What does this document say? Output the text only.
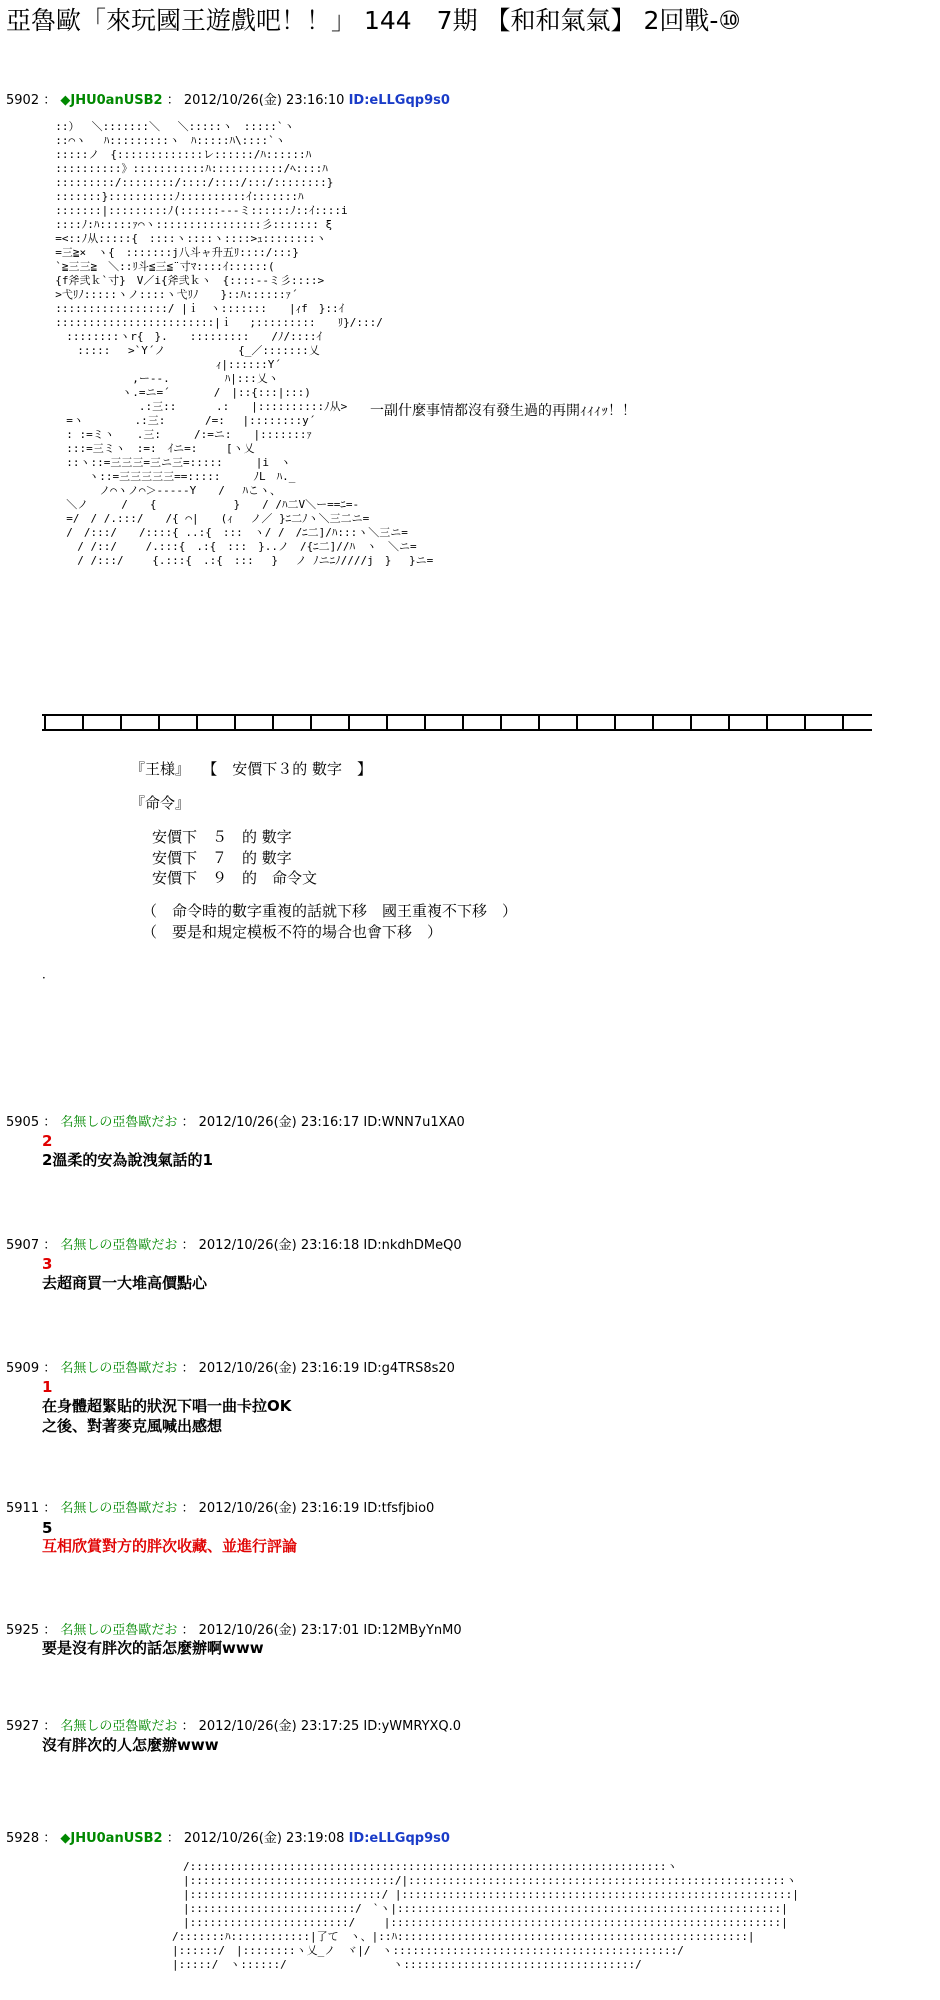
亞魯歐「來玩國王遊戲吧！！」 144　7期 【和和氣氣】 2回戰-⑩
5902 ： ◆JHU0anUSB2 ： 2012/10/26(金) 23:16:10 ID:eLLGqp9s0
::）　 ＼:::::::＼　 ＼:::::ヽ　:::::`ヽ
::⌒ヽ　 ﾊ:::::::::ヽ　ﾊ:::::ﾊ\::::`ヽ
:::::ノ　{:::::::::::::レ::::::/ﾊ::::::ﾊ
::::::::::》:::::::::::ﾊ:::::::::::/ﾍ::::ﾊ
:::::::::/::::::::/::::/::::/:::/::::::::}
:::::::}::::::::::ﾉ::::::::::ｲ:::::::ﾊ
:::::::|:::::::::ﾉ(::::::---ミ::::::ﾉ::ｲ::::i
::::ﾉ:ﾊ:::::ｧ⌒ヽ::::::::::::::::彡::::::: ξ
=<::ﾉ从:::::{　::::ヽ::::ヽ::::>ｭ::::::::ヽ
=三≧×　ヽ{　:::::::j八斗ャ升五ﾘ::::/:::}
`≧三三≧　＼::ﾘ斗≦三≦¨寸ﾏ::::ｲ::::::(
{f斧弐ｋ`寸}　V／i{斧弐ｋヽ　{::::--ミ彡::::>
>弋ﾘﾉ:::::ヽノ::::ヽ弋ﾘﾉ　　}::ﾊ::::::ｧ´
:::::::::::::::::/ |ｉ　ヽ:::::::　　|ｨf　}::ｲ
::::::::::::::::::::::::|ｉ　 ;:::::::::　　ﾘ}/:::/
　::::::::ヽr{　}.　　:::::::::　　/ﾉ/::::ｲ
　　:::::　 >`Y´ノ　　　　　　 {_／:::::::乂
　　　　　　　　　　　　　　 ｨ|::::::Y´
　　　　　　　,ー‐‐.　　　　　ﾊ|:::乂ヽ
　　　　　　ヽ.=ニ=´　　　　/　|::{:::|:::)
　　　　　　　 .:三::　　　 .:　　|::::::::::ﾉ从>
　=ヽ　　　　 .:三:　　　 /=:　 |::::::::y´
　: :=ミヽ　　.三:　　　/:=ニ:　　|:::::::ｧ
　:::=三ミヽ　:=:　ｲニ=:　　 [ヽ乂
　::ヽ::=三三三=三ニ三=:::::　　　|i　ヽ
　　　ヽ::=三三三三三==:::::　　　ﾉL　ﾊ._
　　　　ノ⌒ヽノ⌒＞‐‐‐‐‐Y　　/　 ﾊこヽ、
　＼ノ　　　/　　{　　　　　　　}　　/ /ﾊ二V＼ー==ﾆ=-
　=/　/ /.:::/　　/{ ⌒|　　(ｨ　 ノ／ }ﾆ二ﾉヽ＼三二ニ=
　/　/:::/　　/::::{ ..:{　:::　ヽ/ /　/ﾆ二]/ﾊ:::ヽ＼三ニ=
　　/ /::/　　 /.:::{　.:{　:::　}..ノ　/{ﾆ二]//ﾊ　ヽ　＼ニ=
　　/ /:::/　　 {.:::{　.:{　:::　 }　 ノ ﾉニﾆﾉ////j　}　 }ニ=
一副什麼事情都沒有發生過的再開ｨｨｨｯ！！
『王様』　 【　安價下３的 數字　】
『命令』
安價下　５　的 數字
安價下　７　的 數字
安價下　９　的　命令文
（　命令時的數字重複的話就下移　國王重複不下移　）
（　要是和規定模板不符的場合也會下移　）
．
5905 ： 名無しの亞魯歐だお ： 2012/10/26(金) 23:16:17 ID:WNN7u1XA0
2
2溫柔的安為說洩氣話的1
5907 ： 名無しの亞魯歐だお ： 2012/10/26(金) 23:16:18 ID:nkdhDMeQ0
3
去超商買一大堆高價點心
5909 ： 名無しの亞魯歐だお ： 2012/10/26(金) 23:16:19 ID:g4TRS8s20
1
在身體超緊貼的狀況下唱一曲卡拉OK
之後、對著麥克風喊出感想
5911 ： 名無しの亞魯歐だお ： 2012/10/26(金) 23:16:19 ID:tfsfjbio0
5
互相欣賞對方的胖次收藏、並進行評論
5925 ： 名無しの亞魯歐だお ： 2012/10/26(金) 23:17:01 ID:12MByYnM0
要是沒有胖次的話怎麼辦啊www
5927 ： 名無しの亞魯歐だお ： 2012/10/26(金) 23:17:25 ID:yWMRYXQ.0
沒有胖次的人怎麼辦www
5928 ： ◆JHU0anUSB2 ： 2012/10/26(金) 23:19:08 ID:eLLGqp9s0
　　　/::::::::::::::::::::::::::::::::::::::::::::::::::::::::::::::::::::::::ヽ
　　　|:::::::::::::::::::::::::::::::/|:::::::::::::::::::::::::::::::::::::::::::::::::::::::::ヽ
　　　|:::::::::::::::::::::::::::::/ |:::::::::::::::::::::::::::::::::::::::::::::::::::::::::::|
　　　|:::::::::::::::::::::::::/　`ヽ|::::::::::::::::::::::::::::::::::::::::::::::::::::::::::|
　　　|::::::::::::::::::::::::/　　 |:::::::::::::::::::::::::::::::::::::::::::::::::::::::::::|
　　/:::::::ﾊ::::::::::::|了て　ヽ、|::ﾊ:::::::::::::::::::::::::::::::::::::::::::::::::::::|
　　|::::::/　|::::::::ヽ乂_ノ　ヾ|/　ヽ:::::::::::::::::::::::::::::::::::::::::::/
　　|:::::/　ヽ::::::/　　　　　　　　　 ヽ:::::::::::::::::::::::::::::::::::/
